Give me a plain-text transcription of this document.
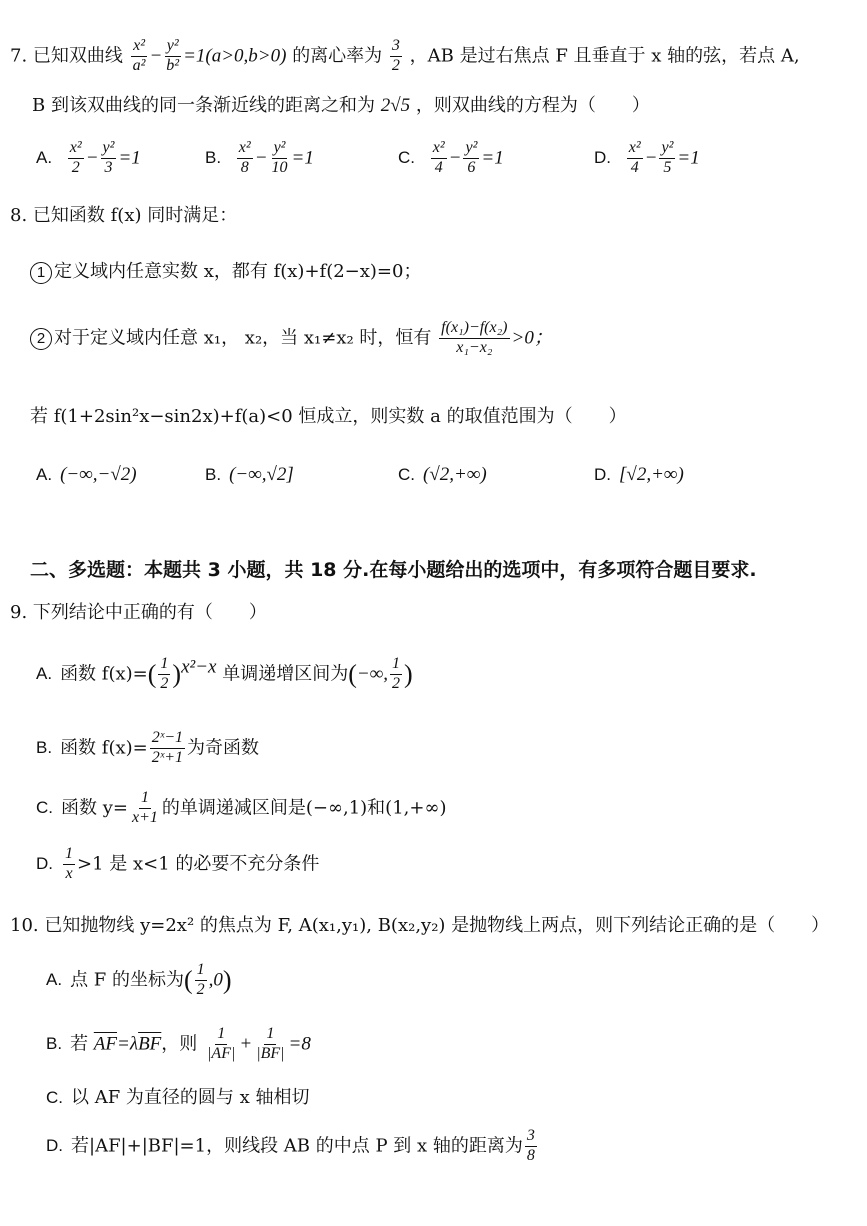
7. 已知双曲线 $\frac{\text{x²}}{\text{a²}} - \frac{\text{y²}}{\text{b²}} =1(a>0,b>0)$ 的离心率为 $\frac{3}{2}$ ，AB 是过右焦点 F 且垂直于 x 轴的弦，若点 A,
B 到该双曲线的同一条渐近线的距离之和为 2√5 ，则双曲线的方程为（　　）
A. $\frac{\text{x²}}{2} - \frac{\text{y²}}{3} =1$	B. $\frac{\text{x²}}{8} - \frac{\text{y²}}{10} =1$	C. $\frac{\text{x²}}{4} - \frac{\text{y²}}{6} =1$	D. $\frac{\text{x²}}{4} - \frac{\text{y²}}{5} =1$
8. 已知函数 f(x) 同时满足：
1 定义域内任意实数 x，都有 f(x)+f(2−x)=0；
2 对于定义域内任意 x₁， x₂，当 x₁≠x₂ 时，恒有 $\frac{\text{f(x₁)−f(x₂)}}{\text{x₁−x₂}} >0$；
若 f(1+2sin²x−sin2x)+f(a)<0 恒成立，则实数 a 的取值范围为（　　）
A. (−∞,−√2)	B. (−∞,√2]	C. (√2,+∞)	D. [√2,+∞)
二、多选题：本题共 3 小题，共 18 分.在每小题给出的选项中，有多项符合题目要求.
9. 下列结论中正确的有（　　）
A. 函数 $f(x)=( \frac{1}{2} )^{x^2-x}$ 单调递增区间为(−∞, $\frac{1}{2}$ )
B. 函数 $f(x)= \frac{\text{2ˣ−1}}{\text{2ˣ+1}}$ 为奇函数
C. 函数 $y= \frac{1}{x+1}$ 的单调递减区间是(−∞,1)和(1,+∞)
D. $\frac{1}{x} >1$ 是 x<1 的必要不充分条件
10. 已知抛物线 y=2x² 的焦点为 F, A(x₁,y₁), B(x₂,y₂) 是抛物线上两点，则下列结论正确的是（　　）
A. 点 F 的坐标为( $\frac{1}{2} ,0$)
B. 若 $\overline{AF}=\lambda\overline{BF}$，则 $\frac{1}{|AF|} + \frac{1}{|BF|} =8$
C. 以 AF 为直径的圆与 x 轴相切
D. 若|AF|+|BF|=1，则线段 AB 的中点 P 到 x 轴的距离为 $\frac{3}{8}$
